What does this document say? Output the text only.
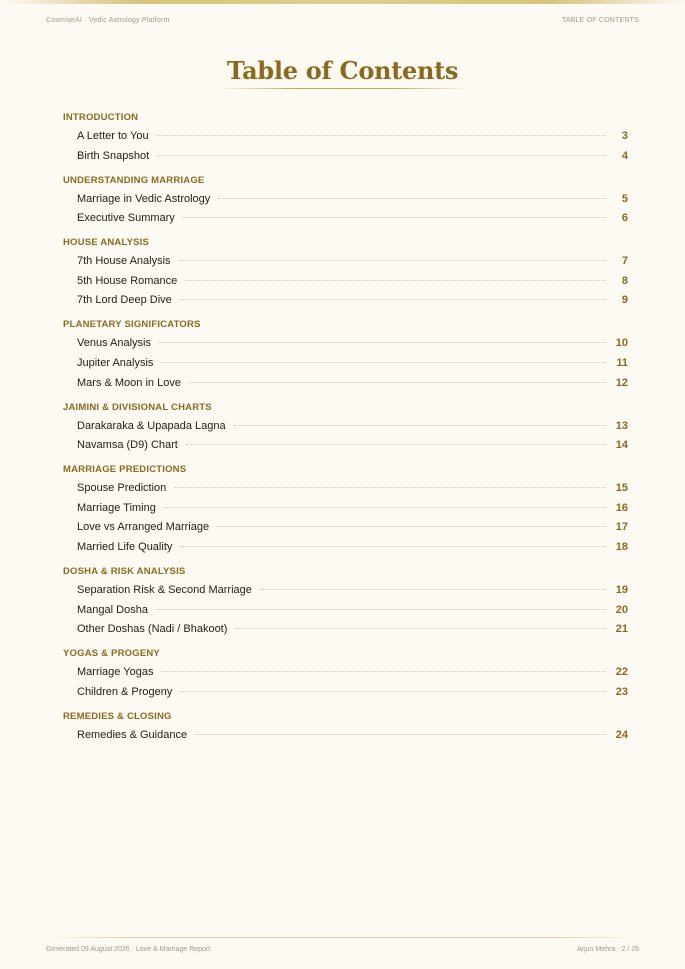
CosmiqeAI · Vedic Astrology Platform	TABLE OF CONTENTS
Table of Contents
INTRODUCTION
A Letter to You	3
Birth Snapshot	4
UNDERSTANDING MARRIAGE
Marriage in Vedic Astrology	5
Executive Summary	6
HOUSE ANALYSIS
7th House Analysis	7
5th House Romance	8
7th Lord Deep Dive	9
PLANETARY SIGNIFICATORS
Venus Analysis	10
Jupiter Analysis	11
Mars & Moon in Love	12
JAIMINI & DIVISIONAL CHARTS
Darakaraka & Upapada Lagna	13
Navamsa (D9) Chart	14
MARRIAGE PREDICTIONS
Spouse Prediction	15
Marriage Timing	16
Love vs Arranged Marriage	17
Married Life Quality	18
DOSHA & RISK ANALYSIS
Separation Risk & Second Marriage	19
Mangal Dosha	20
Other Doshas (Nadi / Bhakoot)	21
YOGAS & PROGENY
Marriage Yogas	22
Children & Progeny	23
REMEDIES & CLOSING
Remedies & Guidance	24
Generated 09 August 2026 · Love & Marriage Report	Arjun Mehra · 2 / 26
